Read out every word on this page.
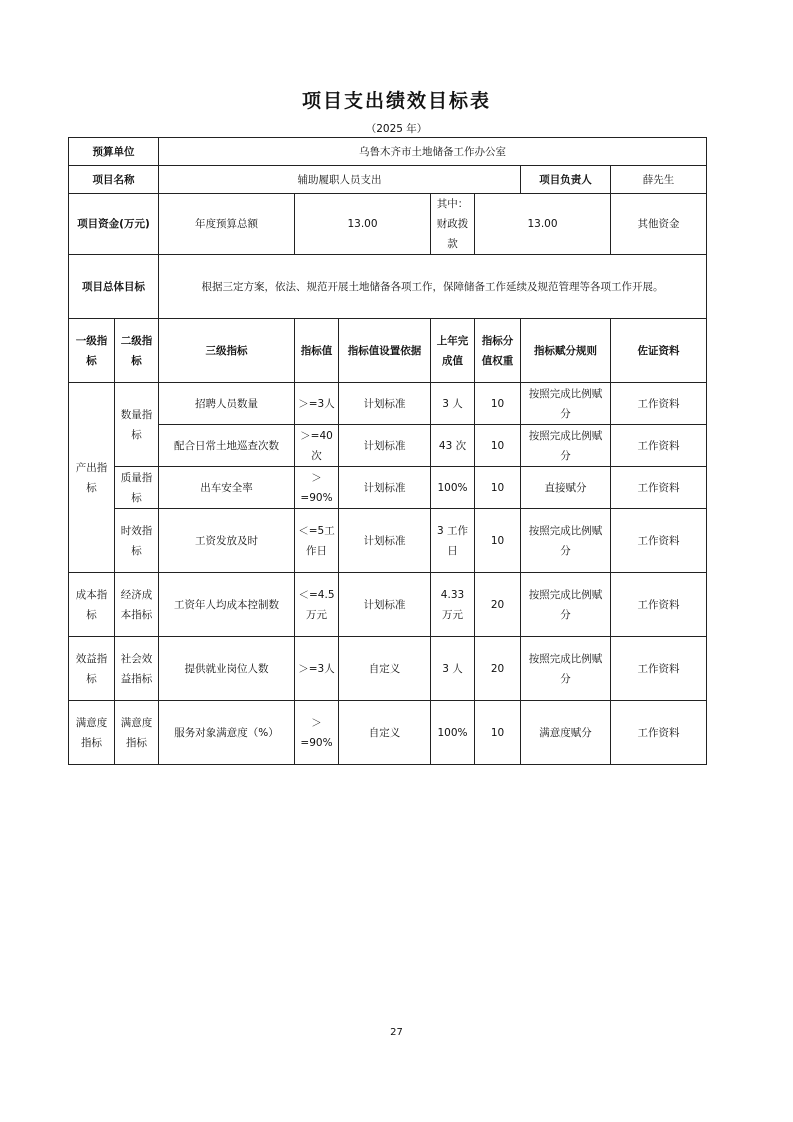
项目支出绩效目标表
（2025 年）
预算单位		乌鲁木齐市土地储备工作办公室							
项目名称		辅助履职人员支出					项目负责人	薛先生	
项目资金(万元)		年度预算总额	13.00		其中：财政拨款	13.00		其他资金	
项目总体目标		根据三定方案，依法、规范开展土地储备各项工作，保障储备工作延续及规范管理等各项工作开展。							
一级指标	二级指标	三级指标	指标值	指标值设置依据	上年完成值	指标分值权重	指标赋分规则	佐证资料	
产出指标	数量指标	招聘人员数量	＞=3人	计划标准	3 人	10	按照完成比例赋分	工作资料	
		配合日常土地巡查次数	＞=40次	计划标准	43 次	10	按照完成比例赋分	工作资料	
	质量指标	出车安全率	＞=90%	计划标准	100%	10	直接赋分	工作资料	
	时效指标	工资发放及时	＜=5工作日	计划标准	3 工作日	10	按照完成比例赋分	工作资料	
成本指标	经济成本指标	工资年人均成本控制数	＜=4.5万元	计划标准	4.33 万元	20	按照完成比例赋分	工作资料	
效益指标	社会效益指标	提供就业岗位人数	＞=3人	自定义	3 人	20	按照完成比例赋分	工作资料	
满意度指标	满意度指标	服务对象满意度（%）	＞=90%	自定义	100%	10	满意度赋分	工作资料	
27
